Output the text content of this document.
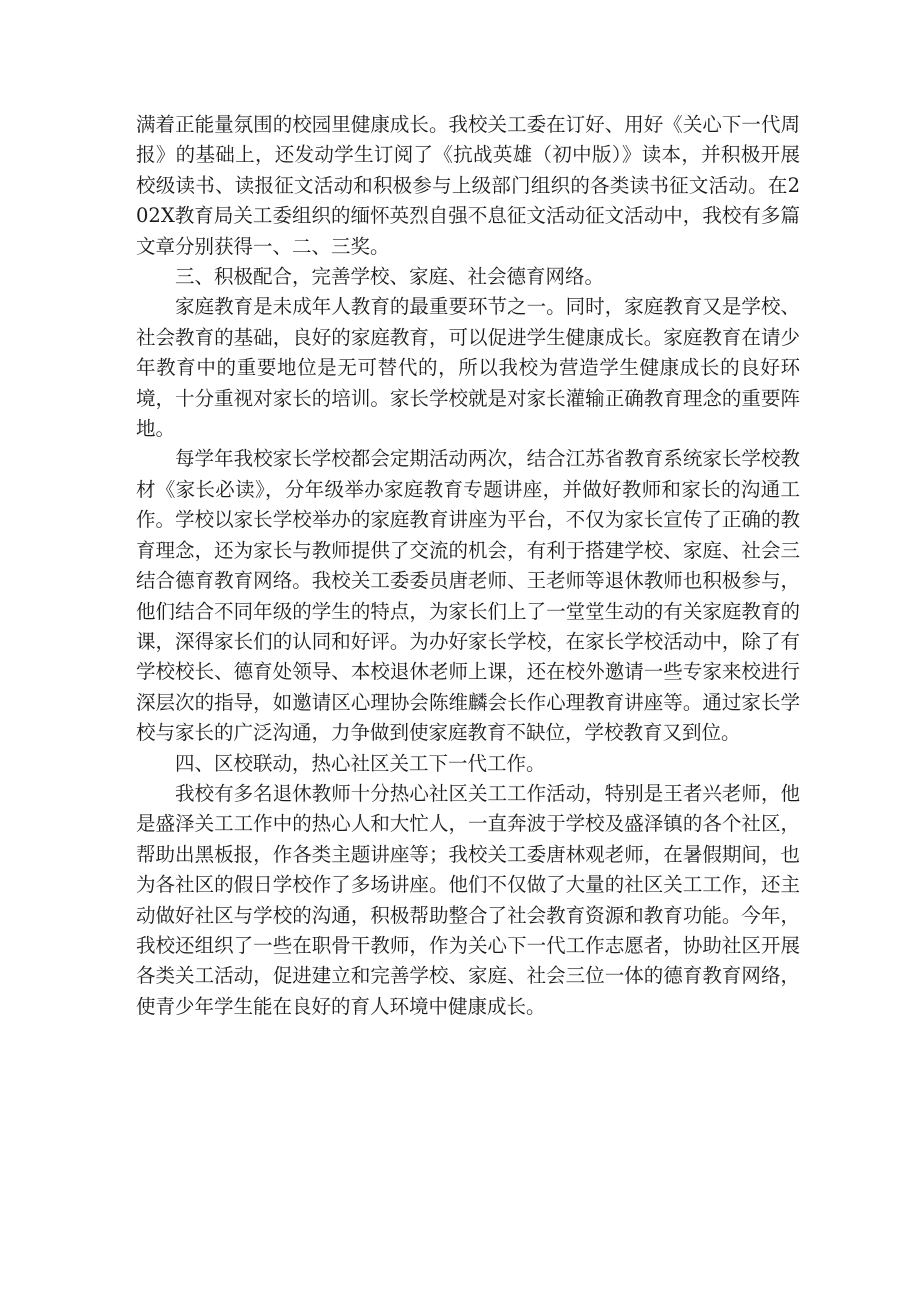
满着正能量氛围的校园里健康成长。我校关工委在订好、用好《关心下一代周报》的基础上，还发动学生订阅了《抗战英雄（初中版）》读本，并积极开展校级读书、读报征文活动和积极参与上级部门组织的各类读书征文活动。在202X教育局关工委组织的缅怀英烈自强不息征文活动征文活动中，我校有多篇文章分别获得一、二、三奖。

三、积极配合，完善学校、家庭、社会德育网络。

家庭教育是未成年人教育的最重要环节之一。同时，家庭教育又是学校、社会教育的基础，良好的家庭教育，可以促进学生健康成长。家庭教育在请少年教育中的重要地位是无可替代的，所以我校为营造学生健康成长的良好环境，十分重视对家长的培训。家长学校就是对家长灌输正确教育理念的重要阵地。

每学年我校家长学校都会定期活动两次，结合江苏省教育系统家长学校教材《家长必读》，分年级举办家庭教育专题讲座，并做好教师和家长的沟通工作。学校以家长学校举办的家庭教育讲座为平台，不仅为家长宣传了正确的教育理念，还为家长与教师提供了交流的机会，有利于搭建学校、家庭、社会三结合德育教育网络。我校关工委委员唐老师、王老师等退休教师也积极参与，他们结合不同年级的学生的特点，为家长们上了一堂堂生动的有关家庭教育的课，深得家长们的认同和好评。为办好家长学校，在家长学校活动中，除了有学校校长、德育处领导、本校退休老师上课，还在校外邀请一些专家来校进行深层次的指导，如邀请区心理协会陈维麟会长作心理教育讲座等。通过家长学校与家长的广泛沟通，力争做到使家庭教育不缺位，学校教育又到位。

四、区校联动，热心社区关工下一代工作。

我校有多名退休教师十分热心社区关工工作活动，特别是王者兴老师，他是盛泽关工工作中的热心人和大忙人，一直奔波于学校及盛泽镇的各个社区，帮助出黑板报，作各类主题讲座等；我校关工委唐林观老师，在暑假期间，也为各社区的假日学校作了多场讲座。他们不仅做了大量的社区关工工作，还主动做好社区与学校的沟通，积极帮助整合了社会教育资源和教育功能。今年，我校还组织了一些在职骨干教师，作为关心下一代工作志愿者，协助社区开展各类关工活动，促进建立和完善学校、家庭、社会三位一体的德育教育网络，使青少年学生能在良好的育人环境中健康成长。
